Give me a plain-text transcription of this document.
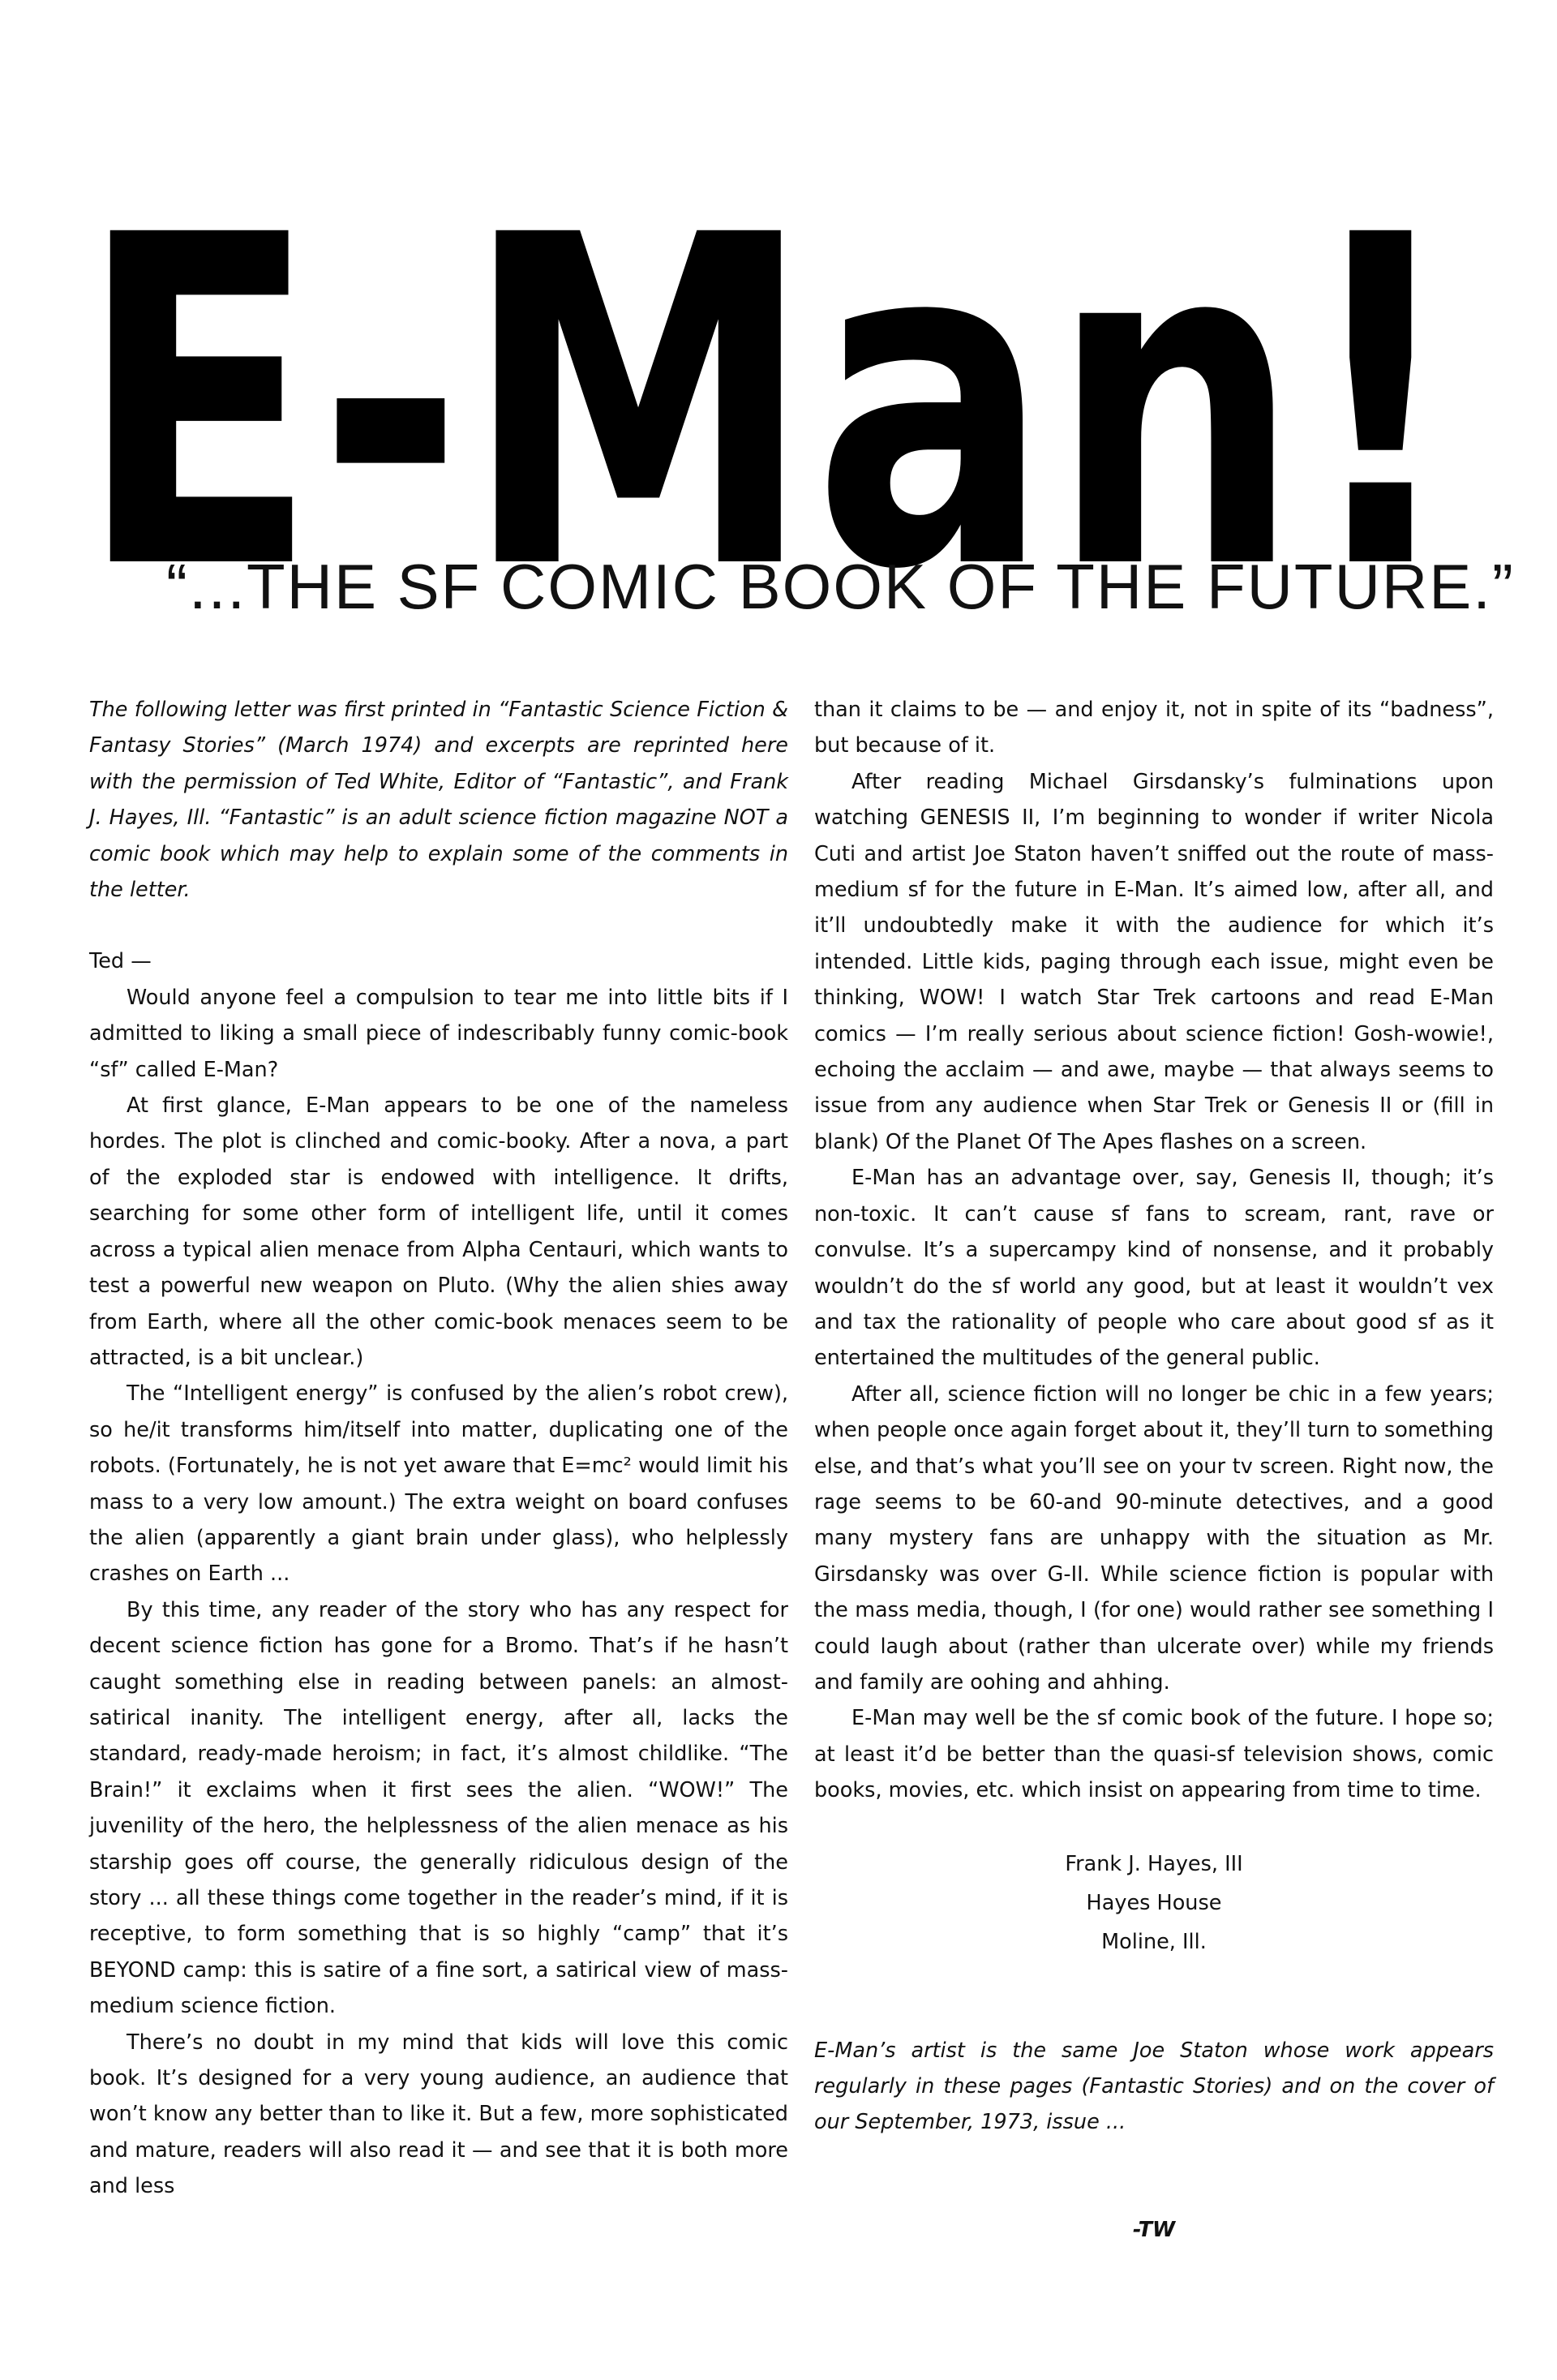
E-Man!
“...THE SF COMIC BOOK OF THE FUTURE.”

The following letter was first printed in “Fantastic Science Fiction & Fantasy Stories” (March 1974) and excerpts are reprinted here with the permission of Ted White, Editor of “Fantastic”, and Frank J. Hayes, Ill. “Fantastic” is an adult science fiction magazine NOT a comic book which may help to explain some of the comments in the letter.

Ted —

Would anyone feel a compulsion to tear me into little bits if I admitted to liking a small piece of indescribably funny comic-book “sf” called E-Man?

At first glance, E-Man appears to be one of the nameless hordes. The plot is clinched and comic-booky. After a nova, a part of the exploded star is endowed with intelligence. It drifts, searching for some other form of intelligent life, until it comes across a typical alien menace from Alpha Centauri, which wants to test a powerful new weapon on Pluto. (Why the alien shies away from Earth, where all the other comic-book menaces seem to be attracted, is a bit unclear.)

The “Intelligent energy” is confused by the alien’s robot crew), so he/it transforms him/itself into matter, duplicating one of the robots. (Fortunately, he is not yet aware that E=mc² would limit his mass to a very low amount.) The extra weight on board confuses the alien (apparently a giant brain under glass), who helplessly crashes on Earth ...

By this time, any reader of the story who has any respect for decent science fiction has gone for a Bromo. That’s if he hasn’t caught something else in reading between panels: an almost-satirical inanity. The intelligent energy, after all, lacks the standard, ready-made heroism; in fact, it’s almost childlike. “The Brain!” it exclaims when it first sees the alien. “WOW!” The juvenility of the hero, the helplessness of the alien menace as his starship goes off course, the generally ridiculous design of the story ... all these things come together in the reader’s mind, if it is receptive, to form something that is so highly “camp” that it’s BEYOND camp: this is satire of a fine sort, a satirical view of mass-medium science fiction.

There’s no doubt in my mind that kids will love this comic book. It’s designed for a very young audience, an audience that won’t know any better than to like it. But a few, more sophisticated and mature, readers will also read it — and see that it is both more and less

than it claims to be — and enjoy it, not in spite of its “badness”, but because of it.

After reading Michael Girsdansky’s fulminations upon watching GENESIS II, I’m beginning to wonder if writer Nicola Cuti and artist Joe Staton haven’t sniffed out the route of mass-medium sf for the future in E-Man. It’s aimed low, after all, and it’ll undoubtedly make it with the audience for which it’s intended. Little kids, paging through each issue, might even be thinking, WOW! I watch Star Trek cartoons and read E-Man comics — I’m really serious about science fiction! Gosh-wowie!, echoing the acclaim — and awe, maybe — that always seems to issue from any audience when Star Trek or Genesis II or (fill in blank) Of the Planet Of The Apes flashes on a screen.

E-Man has an advantage over, say, Genesis II, though; it’s non-toxic. It can’t cause sf fans to scream, rant, rave or convulse. It’s a supercampy kind of nonsense, and it probably wouldn’t do the sf world any good, but at least it wouldn’t vex and tax the rationality of people who care about good sf as it entertained the multitudes of the general public.

After all, science fiction will no longer be chic in a few years; when people once again forget about it, they’ll turn to something else, and that’s what you’ll see on your tv screen. Right now, the rage seems to be 60-and 90-minute detectives, and a good many mystery fans are unhappy with the situation as Mr. Girsdansky was over G-II. While science fiction is popular with the mass media, though, I (for one) would rather see something I could laugh about (rather than ulcerate over) while my friends and family are oohing and ahhing.

E-Man may well be the sf comic book of the future. I hope so; at least it’d be better than the quasi-sf television shows, comic books, movies, etc. which insist on appearing from time to time.

Frank J. Hayes, III
Hayes House
Moline, Ill.
E-Man’s artist is the same Joe Staton whose work appears regularly in these pages (Fantastic Stories) and on the cover of our September, 1973, issue ...
-TW
